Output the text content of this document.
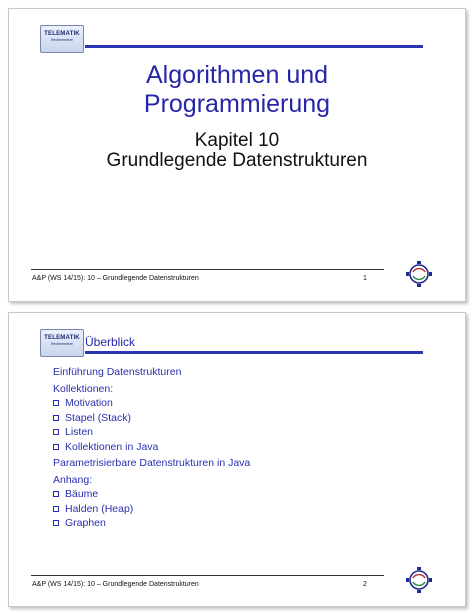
TELEMATIK
Rechnernetze
Algorithmen und
Programmierung
Kapitel 10
Grundlegende Datenstrukturen
A&P (WS 14/15): 10 – Grundlegende Datenstrukturen	1
TELEMATIK
Rechnernetze	Überblick
Einführung Datenstrukturen
Kollektionen:
Motivation
Stapel (Stack)
Listen
Kollektionen in Java
Parametrisierbare Datenstrukturen in Java
Anhang:
Bäume
Halden (Heap)
Graphen
A&P (WS 14/15): 10 – Grundlegende Datenstrukturen	2
